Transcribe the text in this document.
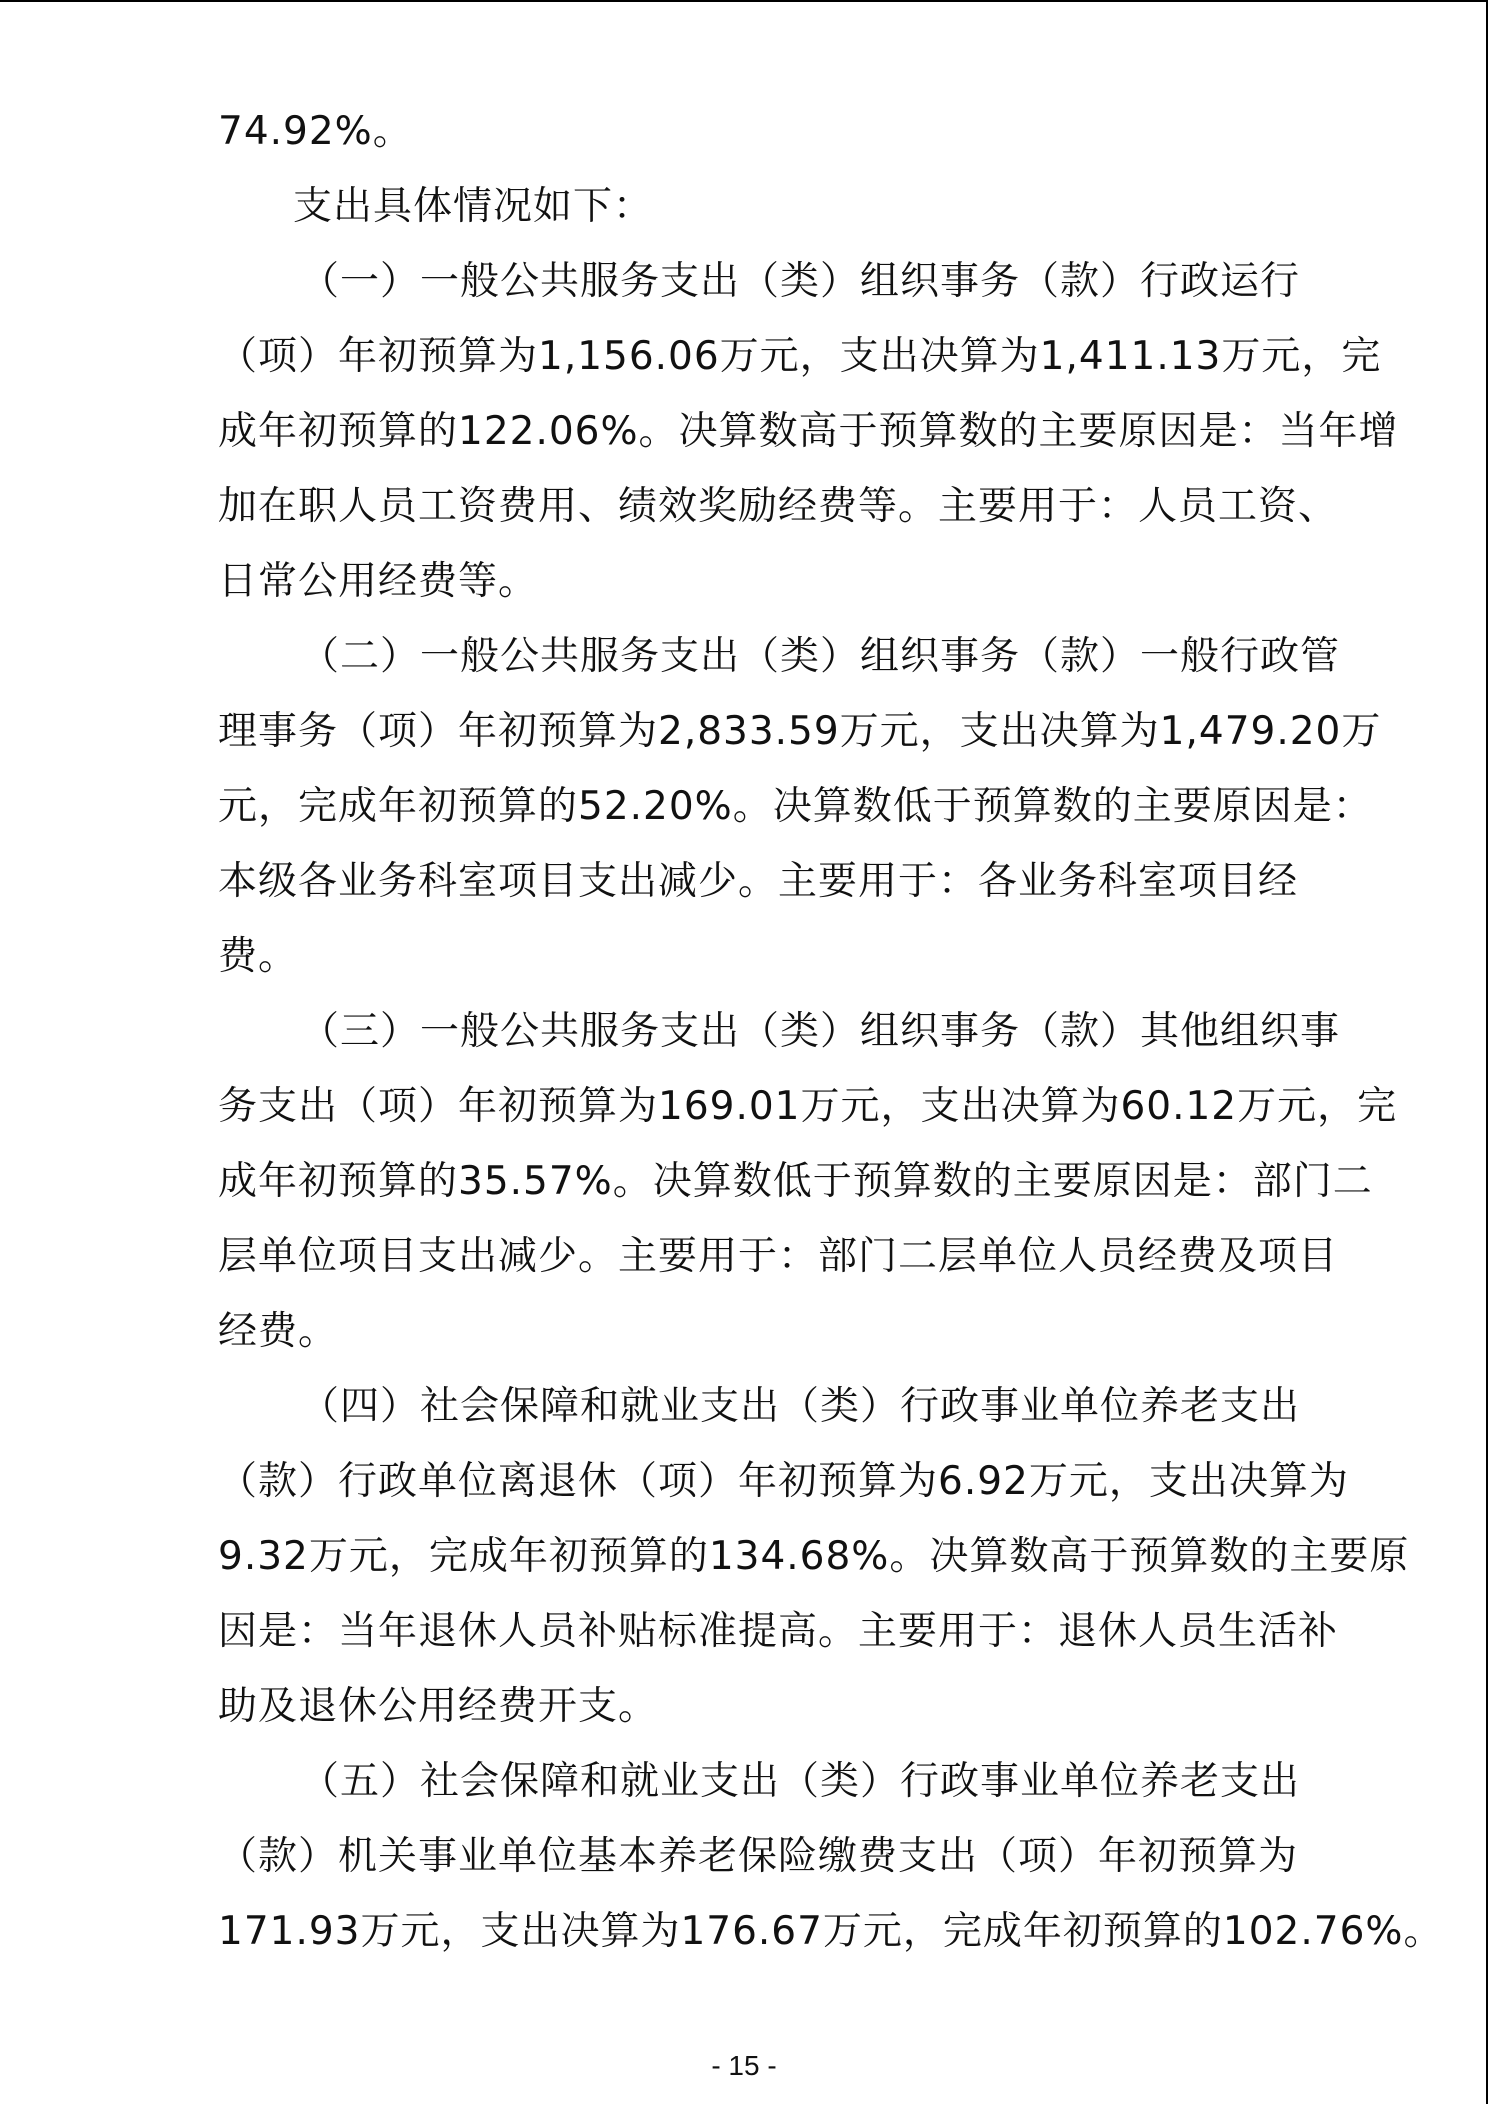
74.92%。
支出具体情况如下：
（一）一般公共服务支出（类）组织事务（款）行政运行
（项）年初预算为1,156.06万元，支出决算为1,411.13万元，完
成年初预算的122.06%。决算数高于预算数的主要原因是：当年增
加在职人员工资费用、绩效奖励经费等。主要用于：人员工资、
日常公用经费等。
（二）一般公共服务支出（类）组织事务（款）一般行政管
理事务（项）年初预算为2,833.59万元，支出决算为1,479.20万
元，完成年初预算的52.20%。决算数低于预算数的主要原因是：
本级各业务科室项目支出减少。主要用于：各业务科室项目经
费。
（三）一般公共服务支出（类）组织事务（款）其他组织事
务支出（项）年初预算为169.01万元，支出决算为60.12万元，完
成年初预算的35.57%。决算数低于预算数的主要原因是：部门二
层单位项目支出减少。主要用于：部门二层单位人员经费及项目
经费。
（四）社会保障和就业支出（类）行政事业单位养老支出
（款）行政单位离退休（项）年初预算为6.92万元，支出决算为
9.32万元，完成年初预算的134.68%。决算数高于预算数的主要原
因是：当年退休人员补贴标准提高。主要用于：退休人员生活补
助及退休公用经费开支。
（五）社会保障和就业支出（类）行政事业单位养老支出
（款）机关事业单位基本养老保险缴费支出（项）年初预算为
171.93万元，支出决算为176.67万元，完成年初预算的102.76%。
- 15 -
